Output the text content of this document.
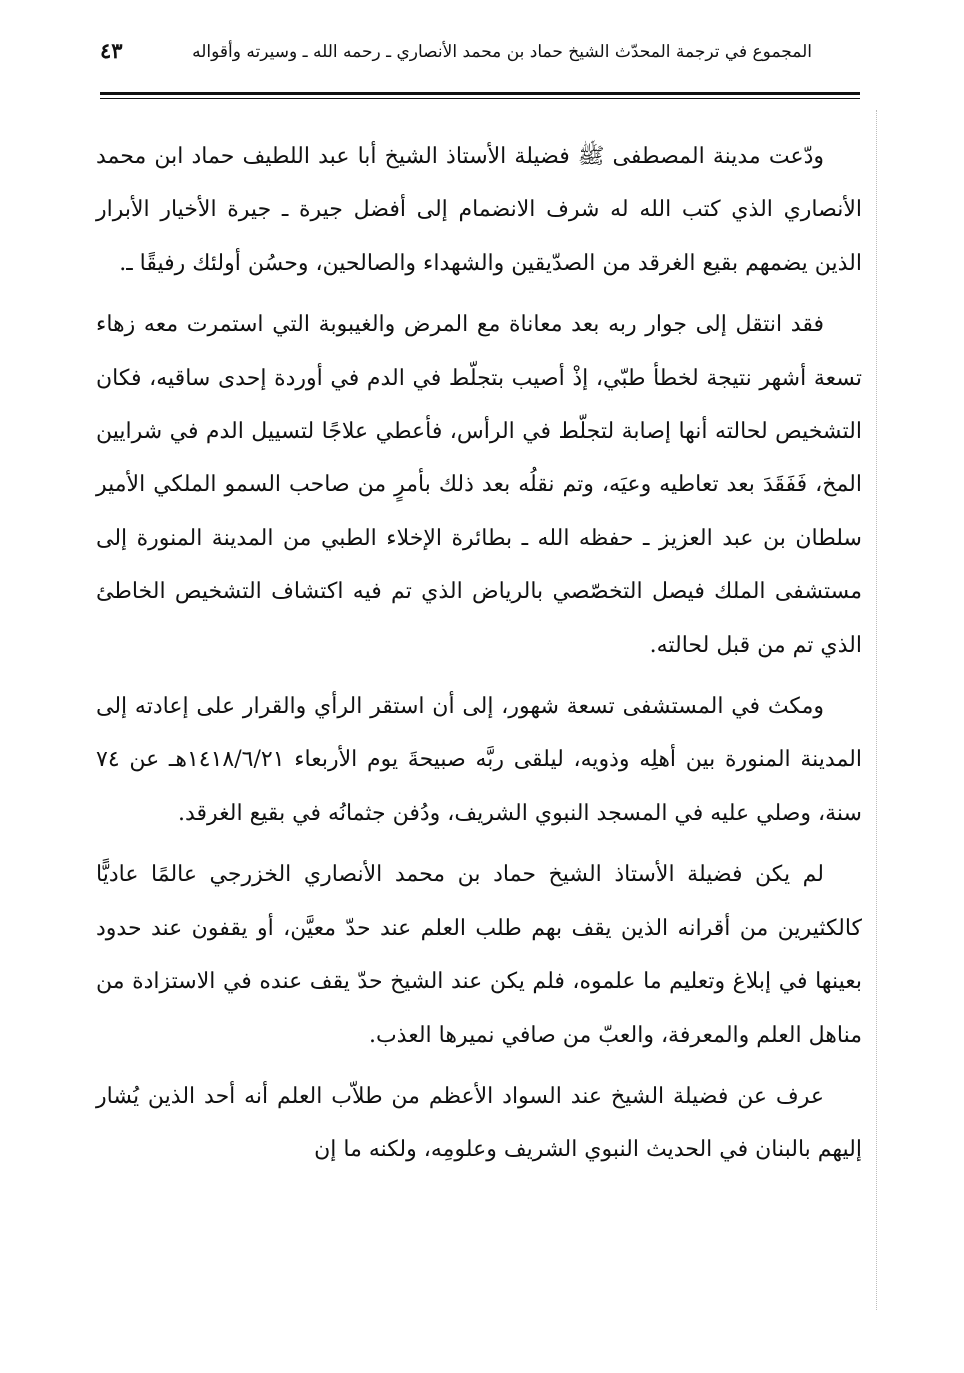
المجموع في ترجمة المحدّث الشيخ حماد بن محمد الأنصاري ـ رحمه الله ـ وسيرته وأقواله
٤٣

ودّعت مدينة المصطفى ﷺ فضيلة الأستاذ الشيخ أبا عبد اللطيف حماد ابن محمد الأنصاري الذي كتب الله له شرف الانضمام إلى أفضل جيرة ـ جيرة الأخيار الأبرار الذين يضمهم بقيع الغرقد من الصدّيقين والشهداء والصالحين، وحسُن أولئك رفيقًا ـ.

فقد انتقل إلى جوار ربه بعد معاناة مع المرض والغيبوبة التي استمرت معه زهاء تسعة أشهر نتيجة لخطأ طبّي، إذْ أصيب بتجلّط في الدم في أوردة إحدى ساقيه، فكان التشخيص لحالته أنها إصابة لتجلّط في الرأس، فأعطي علاجًا لتسييل الدم في شرايين المخ، فَفَقَدَ بعد تعاطيه وعيَه، وتم نقلُه بعد ذلك بأمرٍ من صاحب السمو الملكي الأمير سلطان بن عبد العزيز ـ حفظه الله ـ بطائرة الإخلاء الطبي من المدينة المنورة إلى مستشفى الملك فيصل التخصّصي بالرياض الذي تم فيه اكتشاف التشخيص الخاطئ الذي تم من قبل لحالته.

ومكث في المستشفى تسعة شهور، إلى أن استقر الرأي والقرار على إعادته إلى المدينة المنورة بين أهلِه وذويه، ليلقى ربَّه صبيحةَ يوم الأربعاء ١٤١٨/٦/٢١هـ عن ٧٤ سنة، وصلي عليه في المسجد النبوي الشريف، ودُفن جثمانُه في بقيع الغرقد.

لم يكن فضيلة الأستاذ الشيخ حماد بن محمد الأنصاري الخزرجي عالمًا عاديًّا كالكثيرين من أقرانه الذين يقف بهم طلب العلم عند حدّ معيَّن، أو يقفون عند حدود بعينها في إبلاغ وتعليم ما علموه، فلم يكن عند الشيخ حدّ يقف عنده في الاستزادة من مناهل العلم والمعرفة، والعبّ من صافي نميرها العذب.

عرف عن فضيلة الشيخ عند السواد الأعظم من طلاّب العلم أنه أحد الذين يُشار إليهم بالبنان في الحديث النبوي الشريف وعلومِه، ولكنه ما إن
